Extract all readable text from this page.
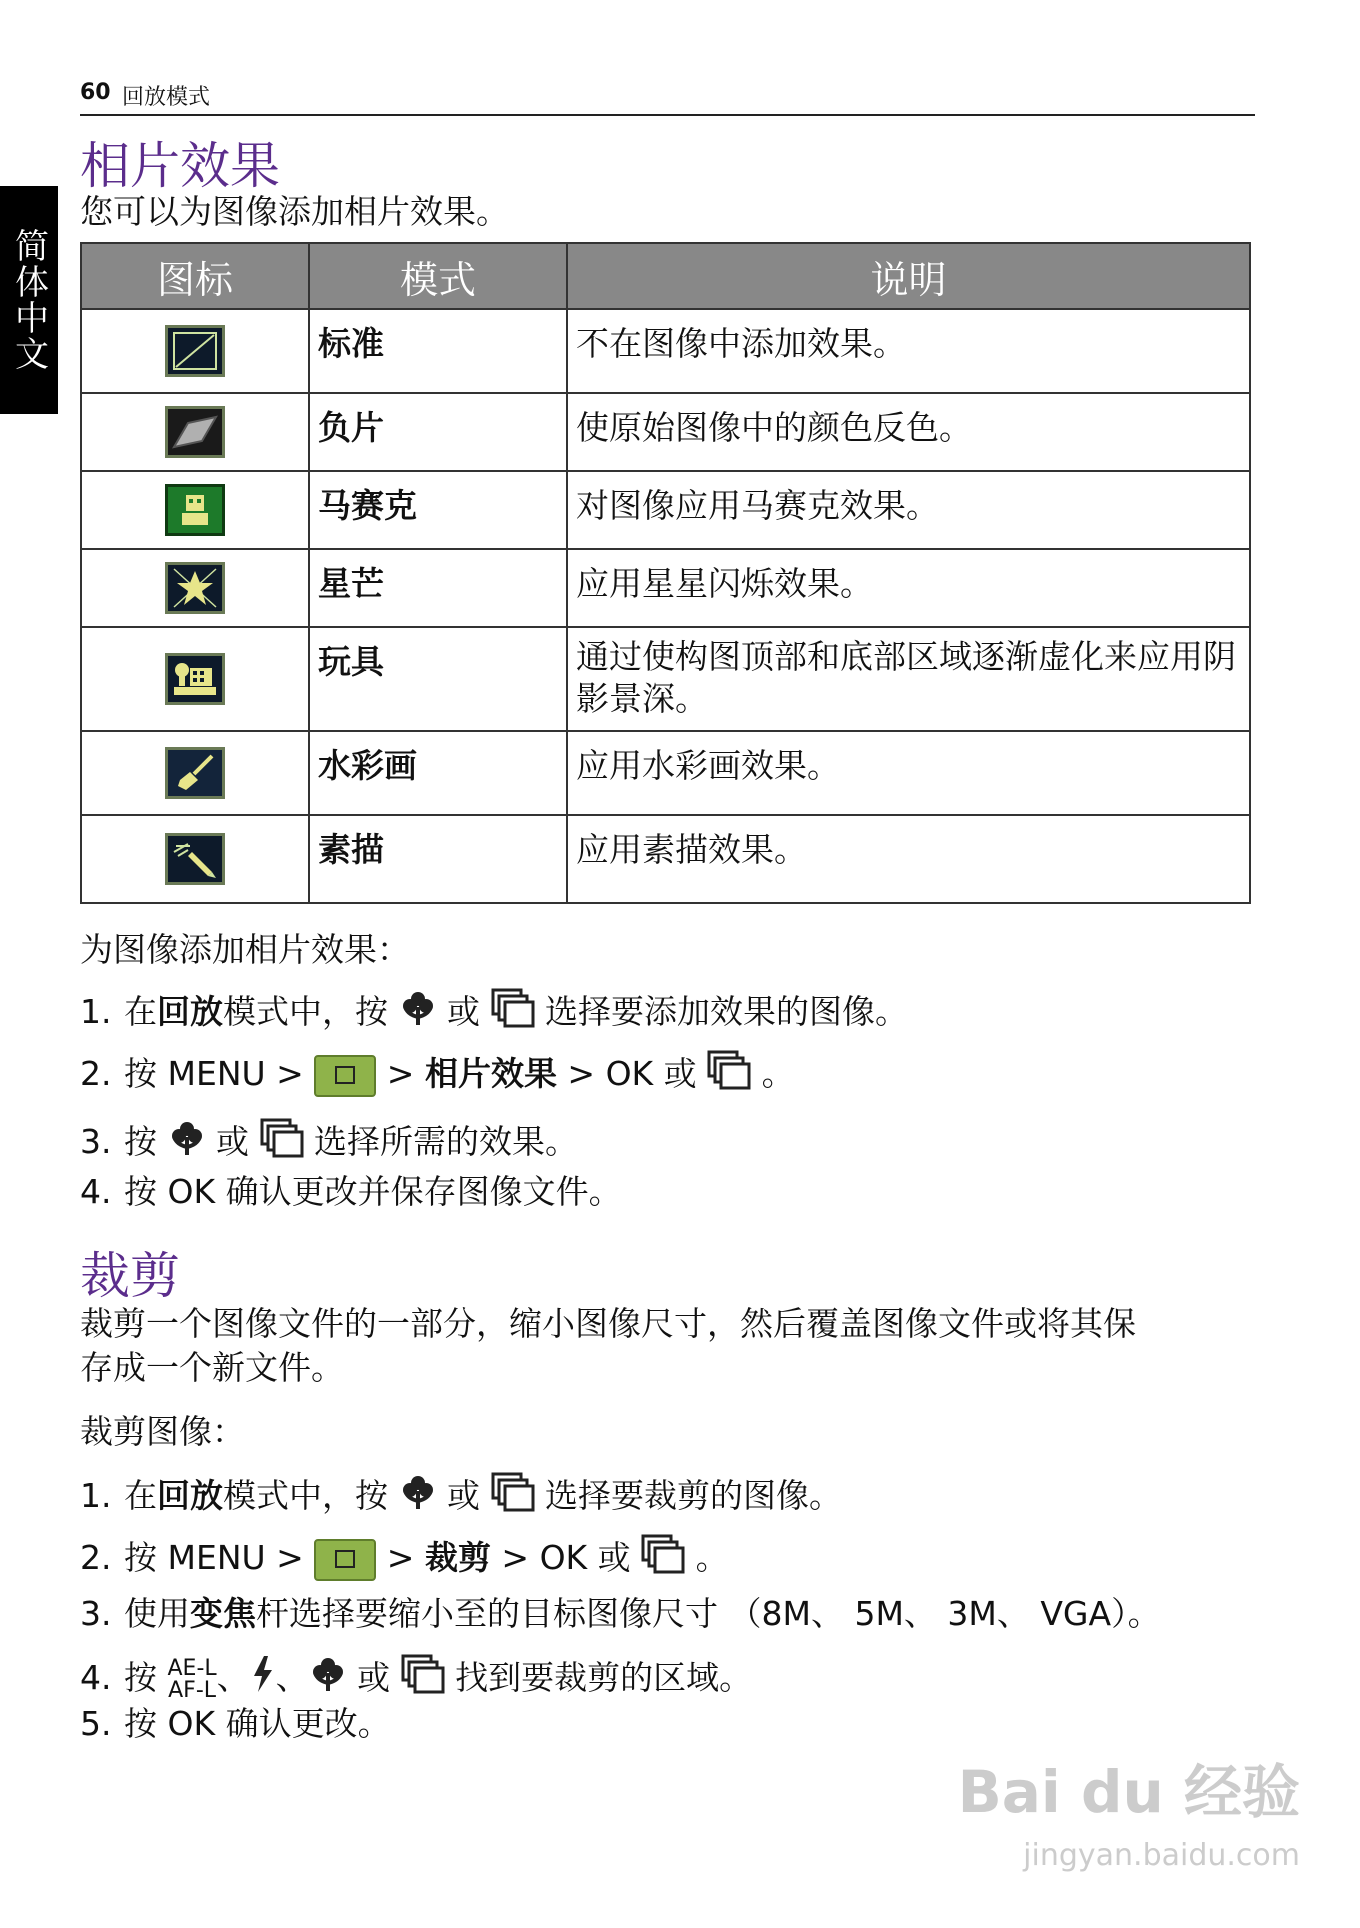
60 回放模式
简体中文
相片效果
您可以为图像添加相片效果。
图标	模式	说明

	标准	不在图像中添加效果。

	负片	使原始图像中的颜色反色。

	马赛克	对图像应用马赛克效果。

	星芒	应用星星闪烁效果。

	玩具	通过使构图顶部和底部区域逐渐虚化来应用阴影景深。

	水彩画	应用水彩画效果。

	素描	应用素描效果。
为图像添加相片效果：
1. 在回放模式中，按 或 选择要添加效果的图像。
2. 按 MENU >	> 相片效果 > OK 或 。
3. 按 或 选择所需的效果。
4. 按 OK 确认更改并保存图像文件。
裁剪
裁剪一个图像文件的一部分，缩小图像尺寸，然后覆盖图像文件或将其保
存成一个新文件。
裁剪图像：
1. 在回放模式中，按 或 选择要裁剪的图像。
2. 按 MENU >	> 裁剪 > OK 或 。
3. 使用变焦杆选择要缩小至的目标图像尺寸 （8M、 5M、 3M、 VGA）。
4. 按 AE-L
AF-L 、 、 或 找到要裁剪的区域。
5. 按 OK 确认更改。
Bai du 经验
jingyan.baidu.com
